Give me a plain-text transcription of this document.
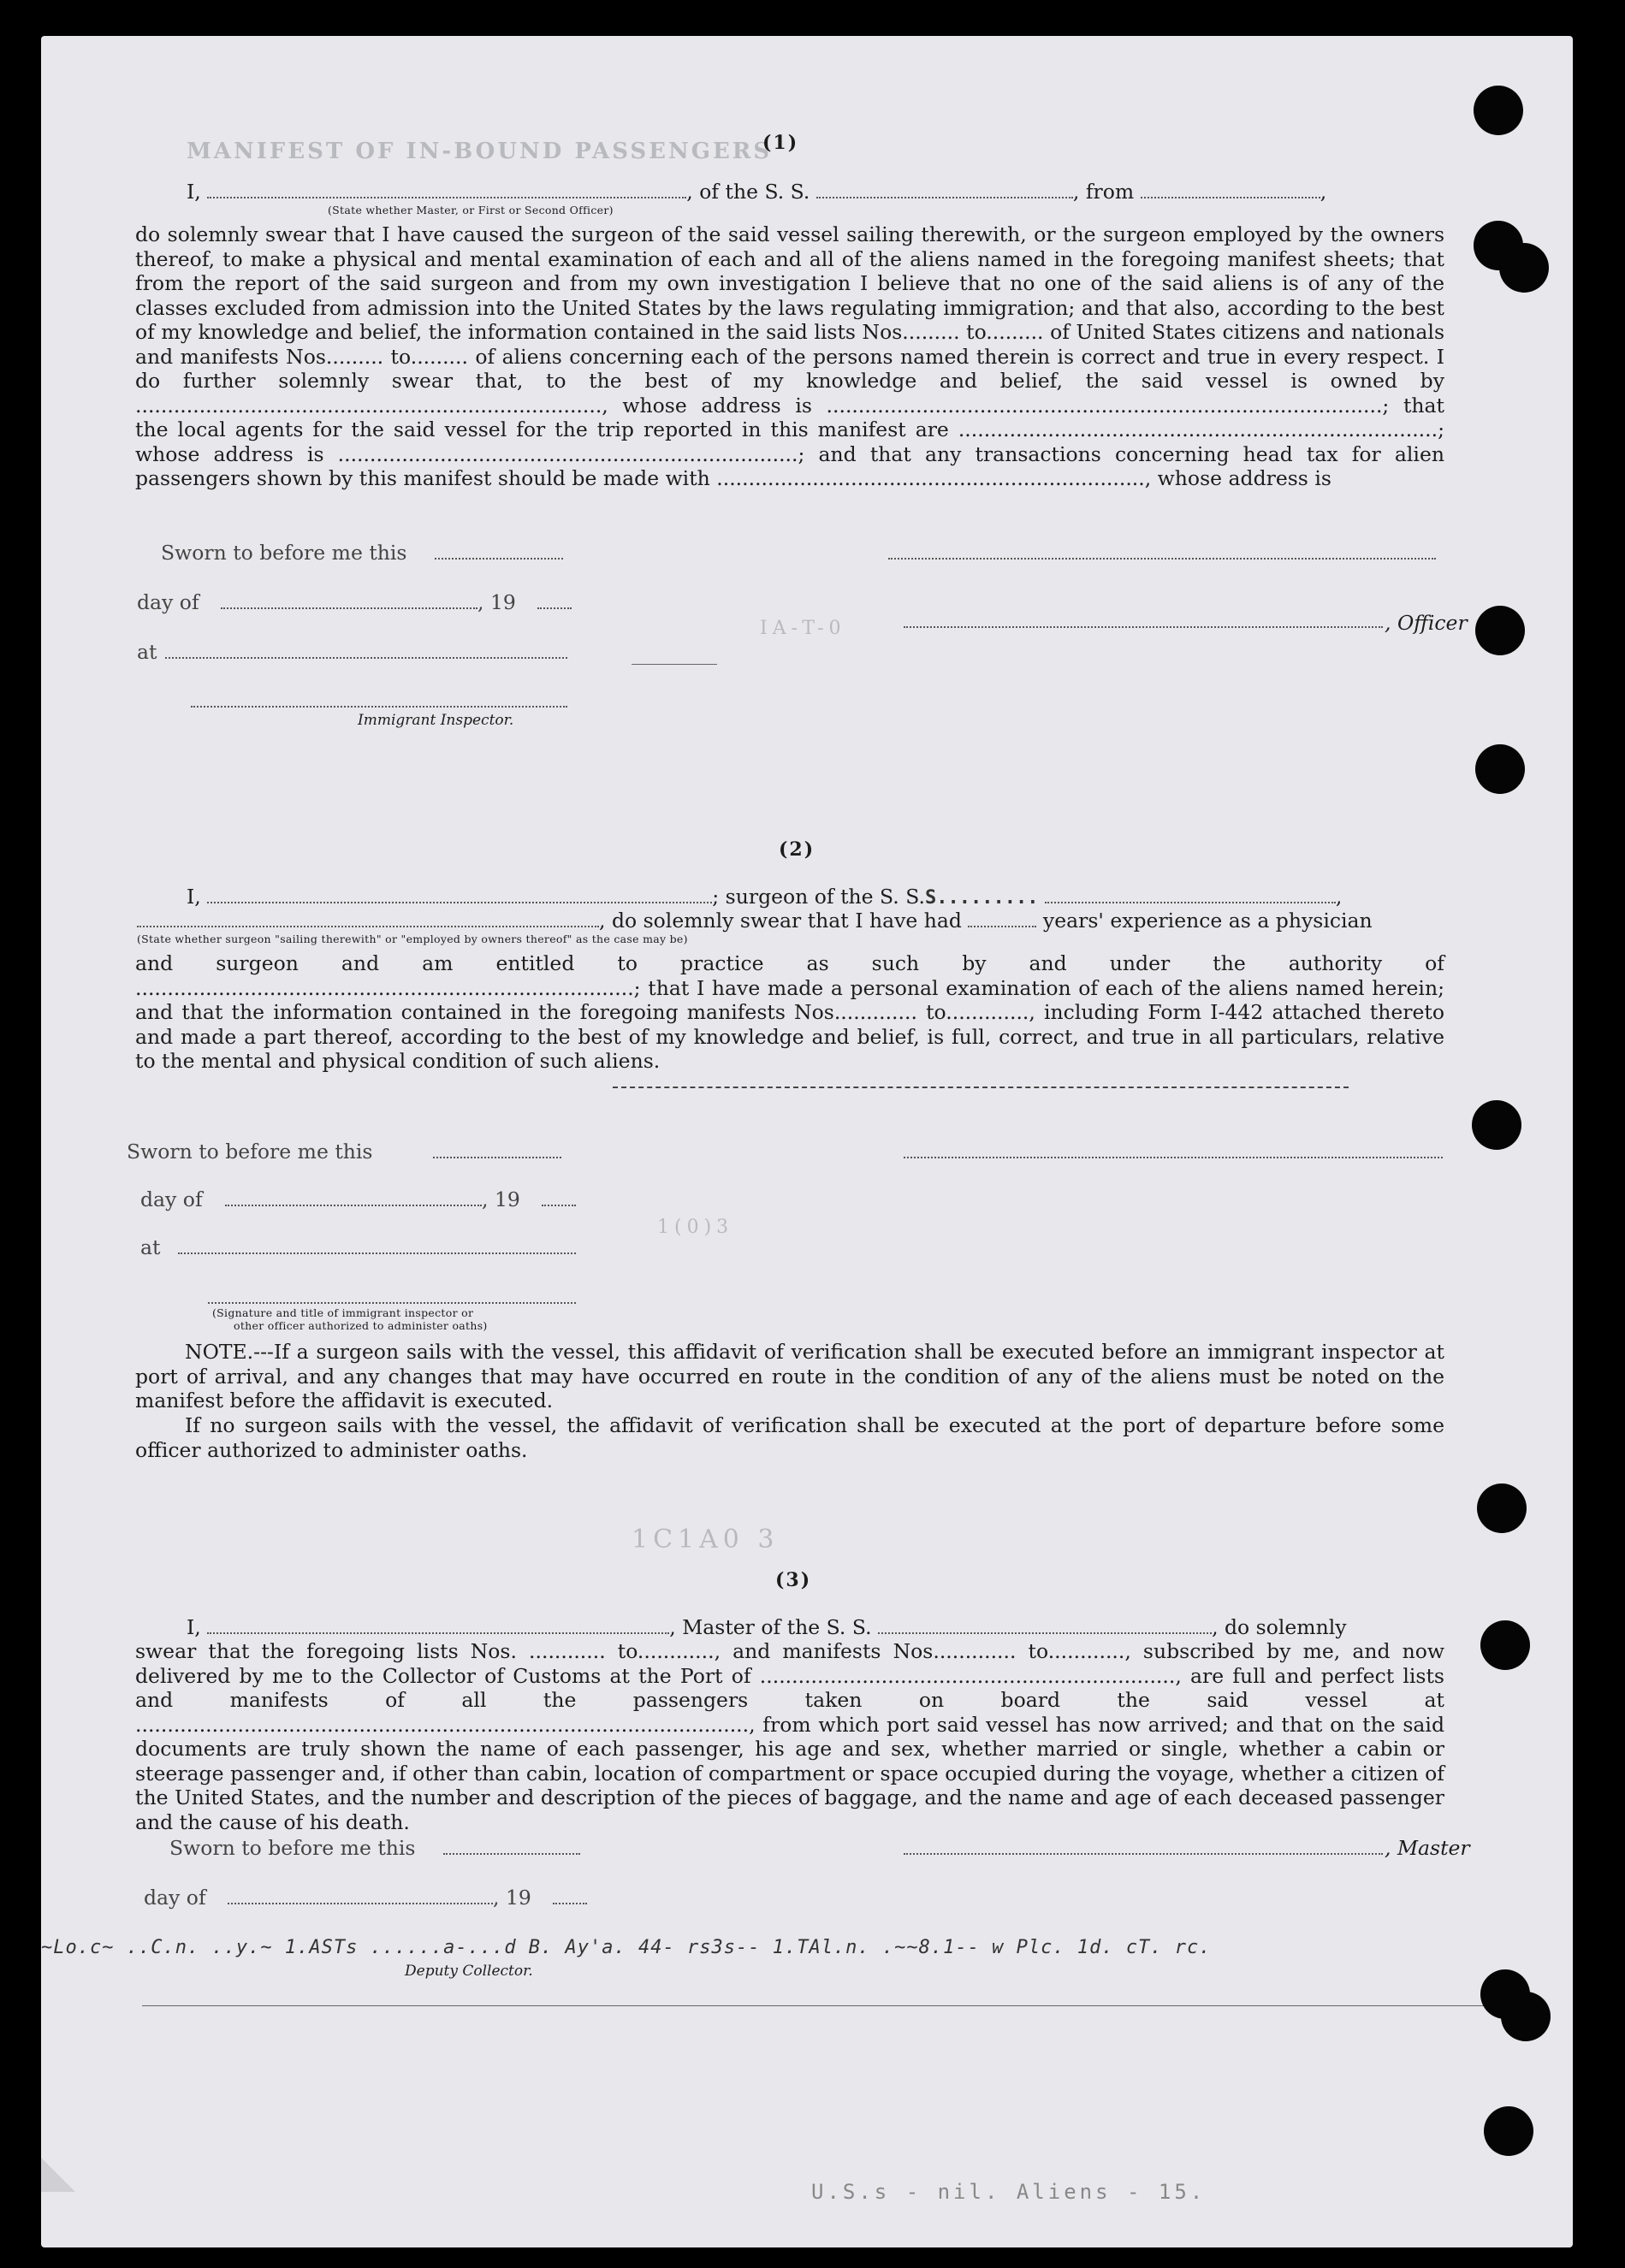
MANIFEST OF IN-BOUND PASSENGERS
1C1A0 3
1(0)3
IA-T-0
(1)
I,	, of the S. S.	, from	,
(State whether Master, or First or Second Officer)
do solemnly swear that I have caused the surgeon of the said vessel sailing therewith, or the surgeon employed by the owners thereof, to make a physical and mental examination of each and all of the aliens named in the foregoing manifest sheets; that from the report of the said surgeon and from my own investigation I believe that no one of the said aliens is of any of the classes excluded from admission into the United States by the laws regulating immigration; and that also, according to the best of my knowledge and belief, the information contained in the said lists Nos......... to......... of United States citizens and nationals and manifests Nos......... to......... of aliens concerning each of the persons named therein is correct and true in every respect. I do further solemnly swear that, to the best of my knowledge and belief, the said vessel is owned by ........................................................................., whose address is .......................................................................................; that the local agents for the said vessel for the trip reported in this manifest are ...........................................................................; whose address is ........................................................................; and that any transactions concerning head tax for alien passengers shown by this manifest should be made with ..................................................................., whose address is
Sworn to before me this
day of	, 19
, Officer
at
Immigrant Inspector.
(2)
I,	; surgeon of the S. S.S.........	,
, do solemnly swear that I have had	years' experience as a physician
(State whether surgeon "sailing therewith" or "employed by owners thereof" as the case may be)
and surgeon and am entitled to practice as such by and under the authority of ..............................................................................; that I have made a personal examination of each of the aliens named herein; and that the information contained in the foregoing manifests Nos............. to............., including Form I-442 attached thereto and made a part thereof, according to the best of my knowledge and belief, is full, correct, and true in all particulars, relative to the mental and physical condition of such aliens.
Sworn to before me this
day of	, 19
at
(Signature and title of immigrant inspector or
other officer authorized to administer oaths)
NOTE.---If a surgeon sails with the vessel, this affidavit of verification shall be executed before an immigrant inspector at port of arrival, and any changes that may have occurred en route in the condition of any of the aliens must be noted on the manifest before the affidavit is executed.
If no surgeon sails with the vessel, the affidavit of verification shall be executed at the port of departure before some officer authorized to administer oaths.
(3)
I,	, Master of the S. S.	, do solemnly
swear that the foregoing lists Nos. ............ to............, and manifests Nos............. to............, subscribed by me, and now delivered by me to the Collector of Customs at the Port of ................................................................., are full and perfect lists and manifests of all the passengers taken on board the said vessel at ................................................................................................, from which port said vessel has now arrived; and that on the said documents are truly shown the name of each passenger, his age and sex, whether married or single, whether a cabin or steerage passenger and, if other than cabin, location of compartment or space occupied during the voyage, whether a citizen of the United States, and the number and description of the pieces of baggage, and the name and age of each deceased passenger and the cause of his death.
Sworn to before me this	, Master
day of	, 19
~Lo.c~ ..C.n. ..y.~ 1.ASTs ......a-...d B. Ay'a. 44- rs3s-- 1.TAl.n. .~~8.1-- w Plc. 1d. cT. rc.
Deputy Collector.
U.S.s - nil. Aliens - 15.
